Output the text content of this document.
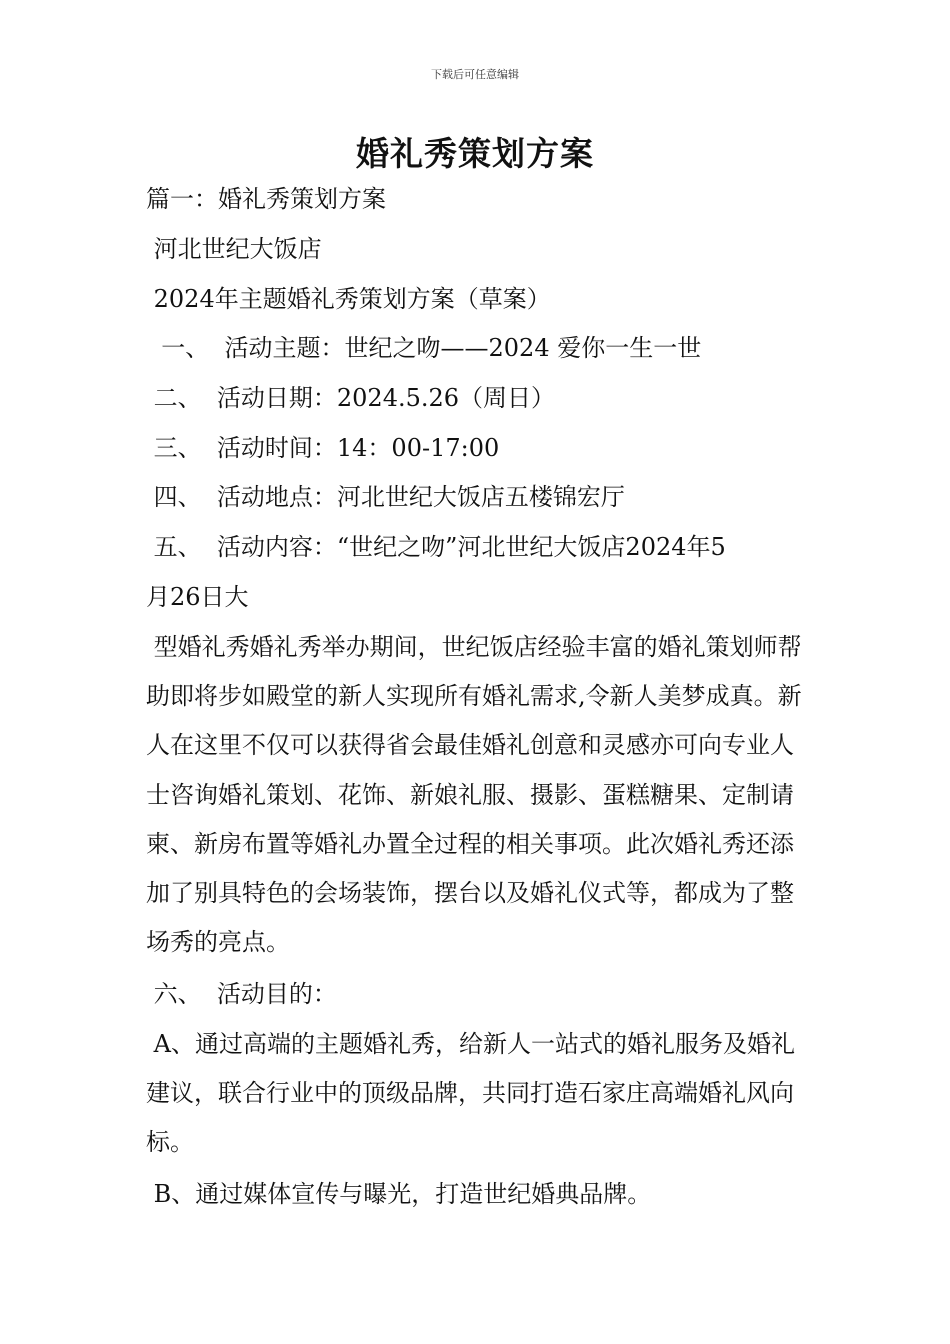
下载后可任意编辑
婚礼秀策划方案

篇一：婚礼秀策划方案

河北世纪大饭店

2024年主题婚礼秀策划方案（草案）

一、  活动主题：世纪之吻——2024 爱你一生一世

二、  活动日期：2024.5.26（周日）

三、  活动时间：14：00-17:00

四、  活动地点：河北世纪大饭店五楼锦宏厅

五、  活动内容：“世纪之吻”河北世纪大饭店2024年5

月26日大

型婚礼秀婚礼秀举办期间，世纪饭店经验丰富的婚礼策划师帮助即将步如殿堂的新人实现所有婚礼需求,令新人美梦成真。新人在这里不仅可以获得省会最佳婚礼创意和灵感亦可向专业人士咨询婚礼策划、花饰、新娘礼服、摄影、蛋糕糖果、定制请柬、新房布置等婚礼办置全过程的相关事项。此次婚礼秀还添加了别具特色的会场装饰，摆台以及婚礼仪式等，都成为了整场秀的亮点。

六、  活动目的：

A、通过高端的主题婚礼秀，给新人一站式的婚礼服务及婚礼建议，联合行业中的顶级品牌，共同打造石家庄高端婚礼风向标。

B、通过媒体宣传与曝光，打造世纪婚典品牌。
